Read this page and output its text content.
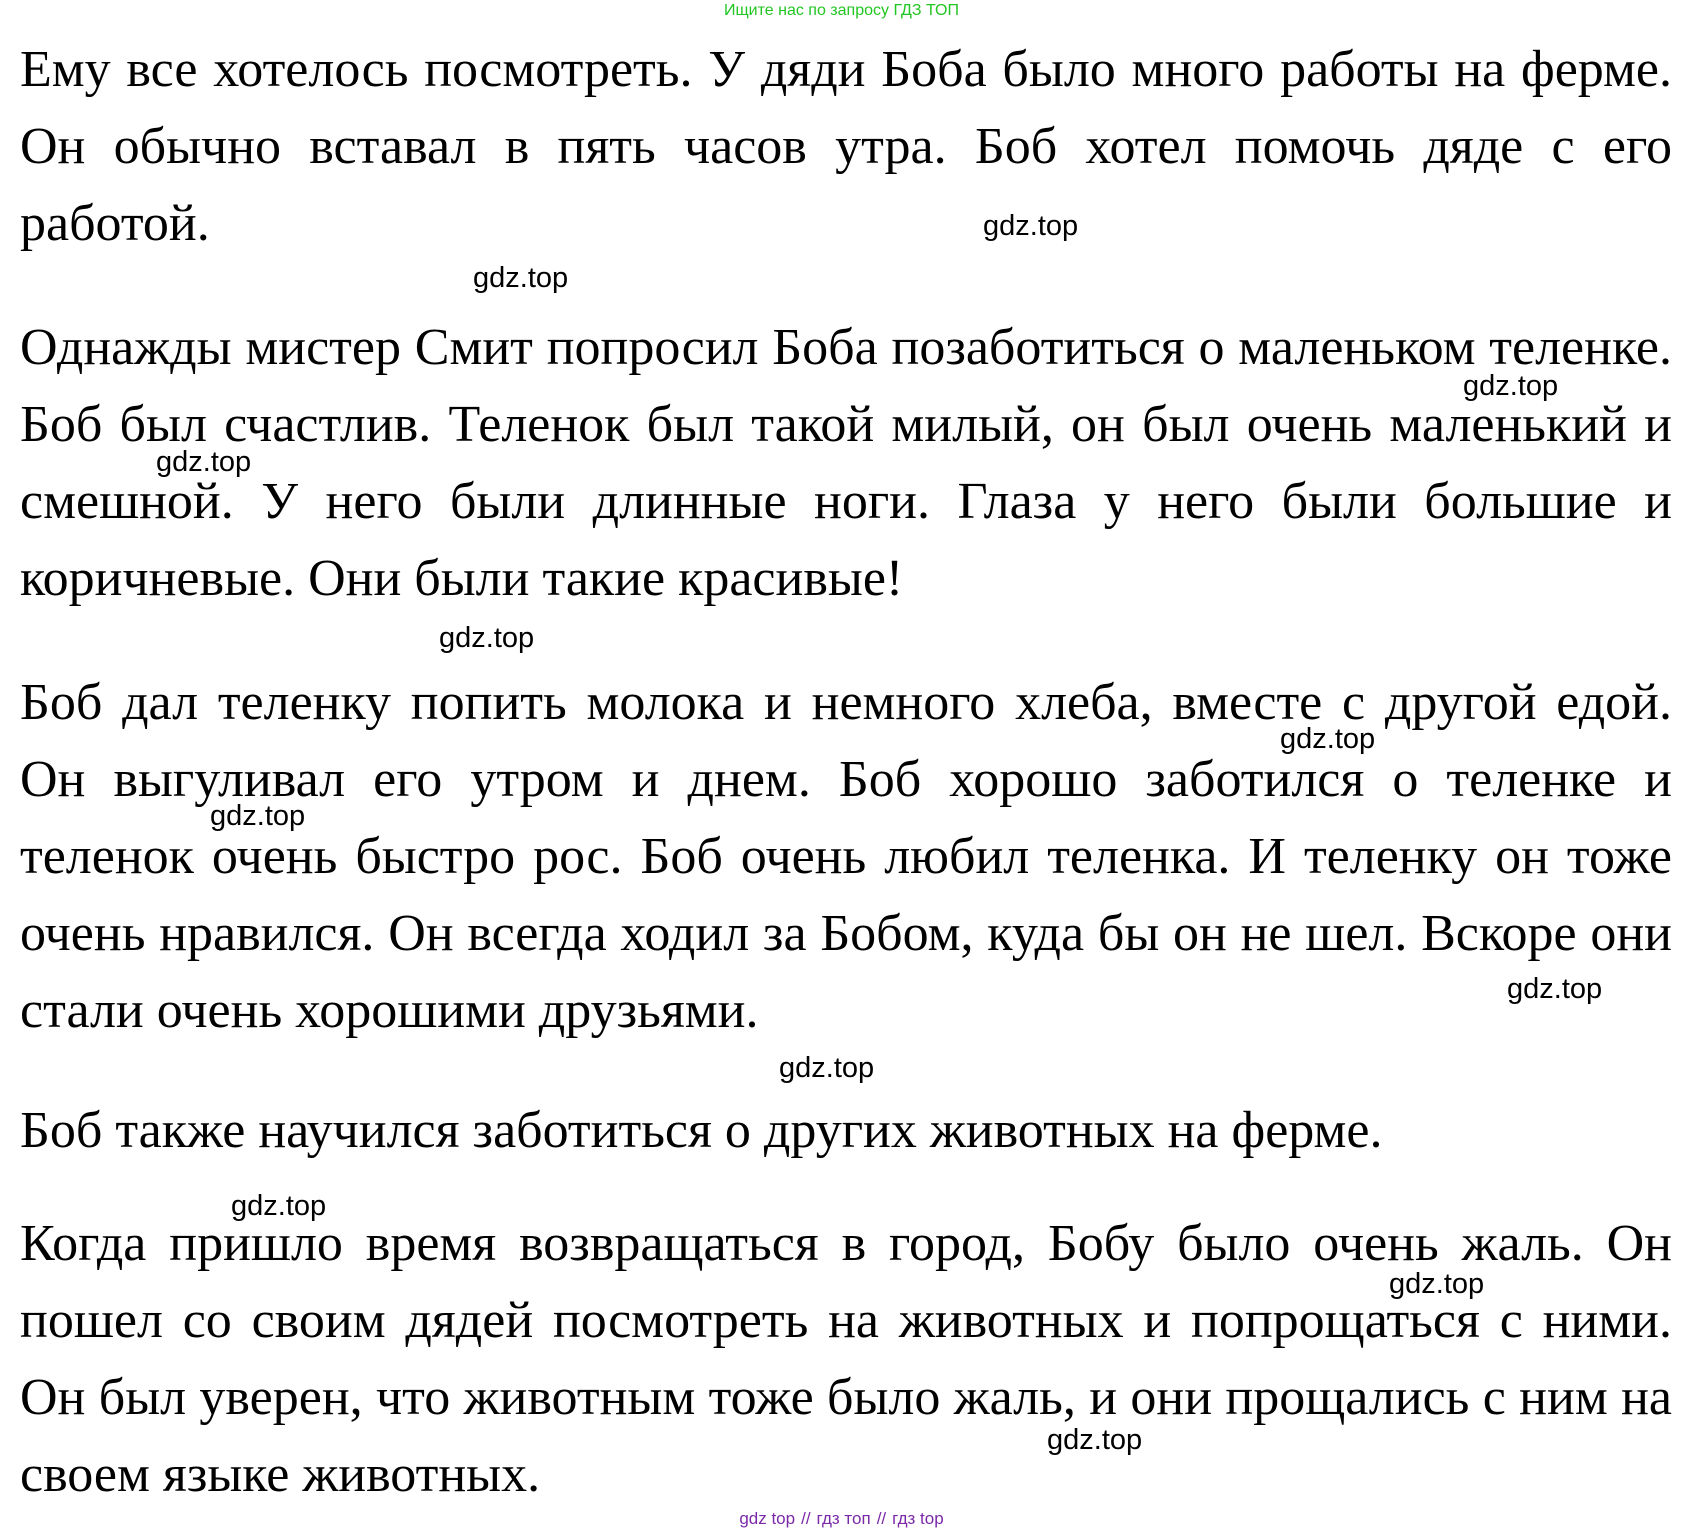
Ищите нас по запросу ГДЗ ТОП

Ему все хотелось посмотреть. У дяди Боба было много работы на ферме. Он обычно вставал в пять часов утра. Боб хотел помочь дяде с его работой.

Однажды мистер Смит попросил Боба позаботиться о маленьком теленке. Боб был счастлив. Теленок был такой милый, он был очень маленький и смешной. У него были длинные ноги. Глаза у него были большие и коричневые. Они были такие красивые!

Боб дал теленку попить молока и немного хлеба, вместе с другой едой. Он выгуливал его утром и днем. Боб хорошо заботился о теленке и теленок очень быстро рос. Боб очень любил теленка. И теленку он тоже очень нравился. Он всегда ходил за Бобом, куда бы он не шел. Вскоре они стали очень хорошими друзьями.

Боб также научился заботиться о других животных на ферме.

Когда пришло время возвращаться в город, Бобу было очень жаль. Он пошел со своим дядей посмотреть на животных и попрощаться с ними. Он был уверен, что животным тоже было жаль, и они прощались с ним на своем языке животных.

gdz.top
gdz.top
gdz.top
gdz.top
gdz.top
gdz.top
gdz.top
gdz.top
gdz.top
gdz.top
gdz.top
gdz.top
gdz top // гдз топ // гдз top
